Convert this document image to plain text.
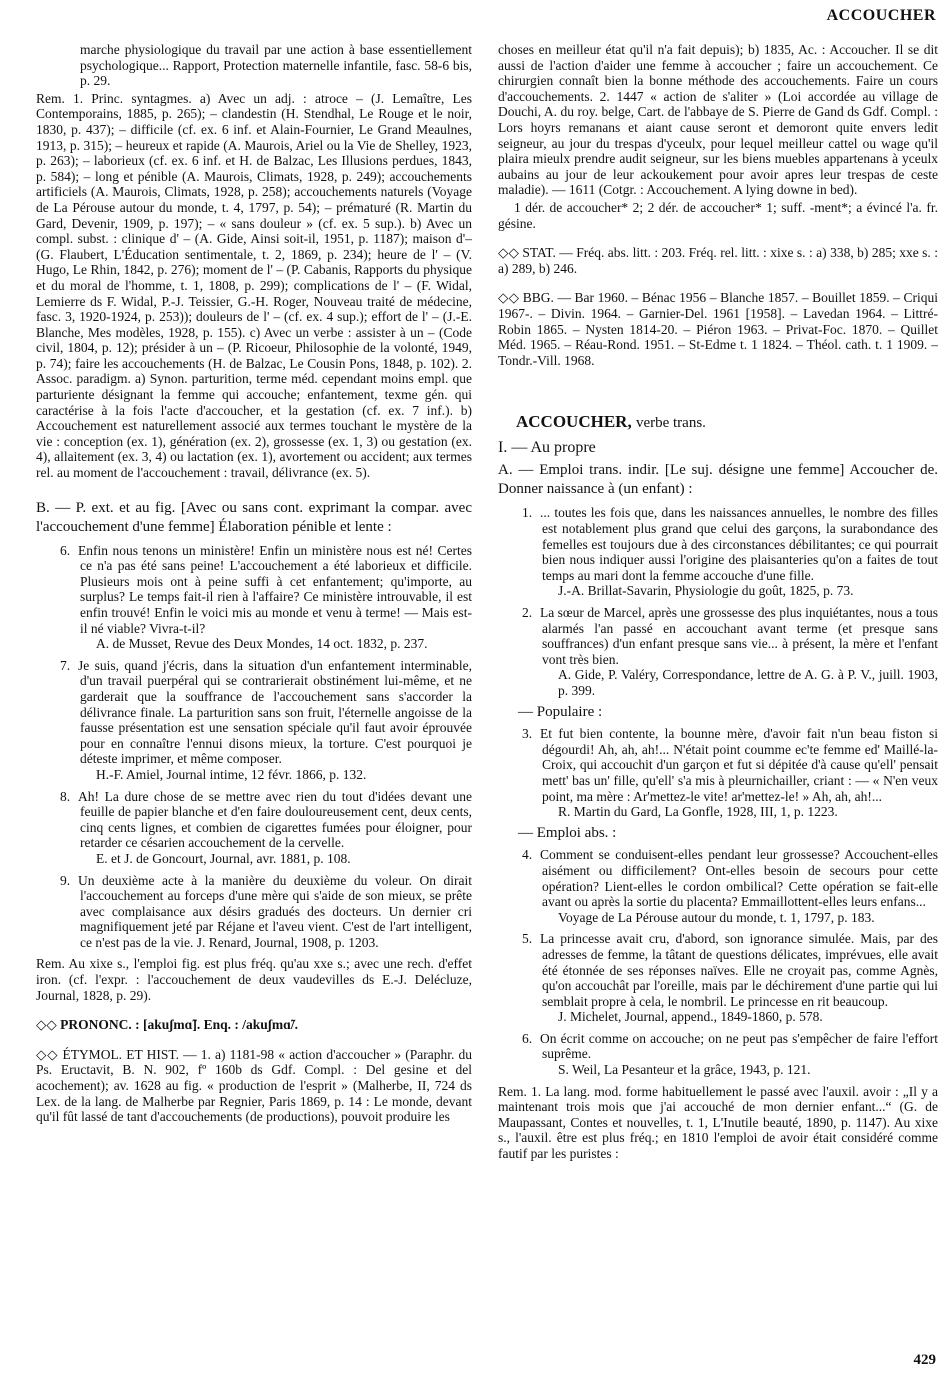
ACCOUCHER

marche physiologique du travail par une action à base essentiellement psychologique... Rapport, Protection maternelle infantile, fasc. 58-6 bis, p. 29.

Rem. 1. Princ. syntagmes. a) Avec un adj. : atroce – (J. Lemaître, Les Contemporains, 1885, p. 265); – clandestin (H. Stendhal, Le Rouge et le noir, 1830, p. 437); – difficile (cf. ex. 6 inf. et Alain-Fournier, Le Grand Meaulnes, 1913, p. 315); – heureux et rapide (A. Maurois, Ariel ou la Vie de Shelley, 1923, p. 263); – laborieux (cf. ex. 6 inf. et H. de Balzac, Les Illusions perdues, 1843, p. 584); – long et pénible (A. Maurois, Climats, 1928, p. 249); accouchements artificiels (A. Maurois, Climats, 1928, p. 258); accouchements naturels (Voyage de La Pérouse autour du monde, t. 4, 1797, p. 54); – prématuré (R. Martin du Gard, Devenir, 1909, p. 197); – « sans douleur » (cf. ex. 5 sup.). b) Avec un compl. subst. : clinique d' – (A. Gide, Ainsi soit-il, 1951, p. 1187); maison d'– (G. Flaubert, L'Éducation sentimentale, t. 2, 1869, p. 234); heure de l' – (V. Hugo, Le Rhin, 1842, p. 276); moment de l' – (P. Cabanis, Rapports du physique et du moral de l'homme, t. 1, 1808, p. 299); complications de l' – (F. Widal, Lemierre ds F. Widal, P.-J. Teissier, G.-H. Roger, Nouveau traité de médecine, fasc. 3, 1920-1924, p. 253)); douleurs de l' – (cf. ex. 4 sup.); effort de l' – (J.-E. Blanche, Mes modèles, 1928, p. 155). c) Avec un verbe : assister à un – (Code civil, 1804, p. 12); présider à un – (P. Ricoeur, Philosophie de la volonté, 1949, p. 74); faire les accouchements (H. de Balzac, Le Cousin Pons, 1848, p. 102). 2. Assoc. paradigm. a) Synon. parturition, terme méd. cependant moins empl. que parturiente désignant la femme qui accouche; enfantement, texme gén. qui caractérise à la fois l'acte d'accoucher, et la gestation (cf. ex. 7 inf.). b) Accouchement est naturellement associé aux termes touchant le mystère de la vie : conception (ex. 1), génération (ex. 2), grossesse (ex. 1, 3) ou gestation (ex. 4), allaitement (ex. 3, 4) ou lactation (ex. 1), avortement ou accident; aux termes rel. au moment de l'accouchement : travail, délivrance (ex. 5).

B. — P. ext. et au fig. [Avec ou sans cont. exprimant la compar. avec l'accouchement d'une femme] Élaboration pénible et lente :

6. Enfin nous tenons un ministère! Enfin un ministère nous est né! Certes ce n'a pas été sans peine! L'accouchement a été laborieux et difficile. Plusieurs mois ont à peine suffi à cet enfantement; qu'importe, au surplus? Le temps fait-il rien à l'affaire? Ce ministère introuvable, il est enfin trouvé! Enfin le voici mis au monde et venu à terme! — Mais est-il né viable? Vivra-t-il?
A. de Musset, Revue des Deux Mondes, 14 oct. 1832, p. 237.
7. Je suis, quand j'écris, dans la situation d'un enfantement interminable, d'un travail puerpéral qui se contrarierait obstinément lui-même, et ne garderait que la souffrance de l'accouchement sans s'accorder la délivrance finale. La parturition sans son fruit, l'éternelle angoisse de la fausse présentation est une sensation spéciale qu'il faut avoir éprouvée pour en connaître l'ennui disons mieux, la torture. C'est pourquoi je déteste imprimer, et même composer.
H.-F. Amiel, Journal intime, 12 févr. 1866, p. 132.
8. Ah! La dure chose de se mettre avec rien du tout d'idées devant une feuille de papier blanche et d'en faire douloureusement cent, deux cents, cinq cents lignes, et combien de cigarettes fumées pour éloigner, pour retarder ce césarien accouchement de la cervelle.
E. et J. de Goncourt, Journal, avr. 1881, p. 108.
9. Un deuxième acte à la manière du deuxième du voleur. On dirait l'accouchement au forceps d'une mère qui s'aide de son mieux, se prête avec complaisance aux désirs gradués des docteurs. Un dernier cri magnifiquement jeté par Réjane et l'aveu vient. C'est de l'art intelligent, ce n'est pas de la vie. J. Renard, Journal, 1908, p. 1203.

Rem. Au xixe s., l'emploi fig. est plus fréq. qu'au xxe s.; avec une rech. d'effet iron. (cf. l'expr. : l'accouchement de deux vaudevilles ds E.-J. Delécluze, Journal, 1828, p. 29).

◇◇ PRONONC. : [akuʃmɑ̃]. Enq. : /akuʃmɑ̃/.

◇◇ ÉTYMOL. ET HIST. — 1. a) 1181-98 « action d'accoucher » (Paraphr. du Ps. Eructavit, B. N. 902, fº 160b ds Gdf. Compl. : Del gesine et del acochement); av. 1628 au fig. « production de l'esprit » (Malherbe, II, 724 ds Lex. de la lang. de Malherbe par Regnier, Paris 1869, p. 14 : Le monde, devant qu'il fût lassé de tant d'accouchements (de productions), pouvoit produire les

choses en meilleur état qu'il n'a fait depuis); b) 1835, Ac. : Accoucher. Il se dit aussi de l'action d'aider une femme à accoucher ; faire un accouchement. Ce chirurgien connaît bien la bonne méthode des accouchements. Faire un cours d'accouchements. 2. 1447 « action de s'aliter » (Loi accordée au village de Douchi, A. du roy. belge, Cart. de l'abbaye de S. Pierre de Gand ds Gdf. Compl. : Lors hoyrs remanans et aiant cause seront et demoront quite envers ledit seigneur, au jour du trespas d'yceulx, pour lequel meilleur cattel ou wage qu'il plaira mieulx prendre audit seigneur, sur les biens muebles appartenans à yceulx aubains au jour de leur ackoukement pour avoir apres leur trespas de ceste maladie). — 1611 (Cotgr. : Accouchement. A lying downe in bed).

1 dér. de accoucher* 2; 2 dér. de accoucher* 1; suff. -ment*; a évincé l'a. fr. gésine.

◇◇ STAT. — Fréq. abs. litt. : 203. Fréq. rel. litt. : xixe s. : a) 338, b) 285; xxe s. : a) 289, b) 246.

◇◇ BBG. — Bar 1960. – Bénac 1956 – Blanche 1857. – Bouillet 1859. – Criqui 1967-. – Divin. 1964. – Garnier-Del. 1961 [1958]. – Lavedan 1964. – Littré-Robin 1865. – Nysten 1814-20. – Piéron 1963. – Privat-Foc. 1870. – Quillet Méd. 1965. – Réau-Rond. 1951. – St-Edme t. 1 1824. – Théol. cath. t. 1 1909. – Tondr.-Vill. 1968.

ACCOUCHER, verbe trans.

I. — Au propre

A. — Emploi trans. indir. [Le suj. désigne une femme] Accoucher de. Donner naissance à (un enfant) :

1. ... toutes les fois que, dans les naissances annuelles, le nombre des filles est notablement plus grand que celui des garçons, la surabondance des femelles est toujours due à des circonstances débilitantes; ce qui pourrait bien nous indiquer aussi l'origine des plaisanteries qu'on a faites de tout temps au mari dont la femme accouche d'une fille.
J.-A. Brillat-Savarin, Physiologie du goût, 1825, p. 73.
2. La sœur de Marcel, après une grossesse des plus inquiétantes, nous a tous alarmés l'an passé en accouchant avant terme (et presque sans souffrances) d'un enfant presque sans vie... à présent, la mère et l'enfant vont très bien.
A. Gide, P. Valéry, Correspondance, lettre de A. G. à P. V., juill. 1903, p. 399.

— Populaire :

3. Et fut bien contente, la bounne mère, d'avoir fait n'un beau fiston si dégourdi! Ah, ah, ah!... N'était point coumme ec'te femme ed' Maillé-la-Croix, qui accouchit d'un garçon et fut si dépitée d'à cause qu'ell' pensait mett' bas un' fille, qu'ell' s'a mis à pleurnichailler, criant : — « N'en veux point, ma mère : Ar'mettez-le vite! ar'mettez-le! » Ah, ah, ah!...
R. Martin du Gard, La Gonfle, 1928, III, 1, p. 1223.

— Emploi abs. :

4. Comment se conduisent-elles pendant leur grossesse? Accouchent-elles aisément ou difficilement? Ont-elles besoin de secours pour cette opération? Lient-elles le cordon ombilical? Cette opération se fait-elle avant ou après la sortie du placenta? Emmaillottent-elles leurs enfans...
Voyage de La Pérouse autour du monde, t. 1, 1797, p. 183.
5. La princesse avait cru, d'abord, son ignorance simulée. Mais, par des adresses de femme, la tâtant de questions délicates, imprévues, elle avait été étonnée de ses réponses naïves. Elle ne croyait pas, comme Agnès, qu'on accouchât par l'oreille, mais par le déchirement d'une partie qui lui semblait propre à cela, le nombril. Le princesse en rit beaucoup.
J. Michelet, Journal, append., 1849-1860, p. 578.
6. On écrit comme on accouche; on ne peut pas s'empêcher de faire l'effort suprême.
S. Weil, La Pesanteur et la grâce, 1943, p. 121.

Rem. 1. La lang. mod. forme habituellement le passé avec l'auxil. avoir : „Il y a maintenant trois mois que j'ai accouché de mon dernier enfant...“ (G. de Maupassant, Contes et nouvelles, t. 1, L'Inutile beauté, 1890, p. 1147). Au xixe s., l'auxil. être est plus fréq.; en 1810 l'emploi de avoir était considéré comme fautif par les puristes :

429
